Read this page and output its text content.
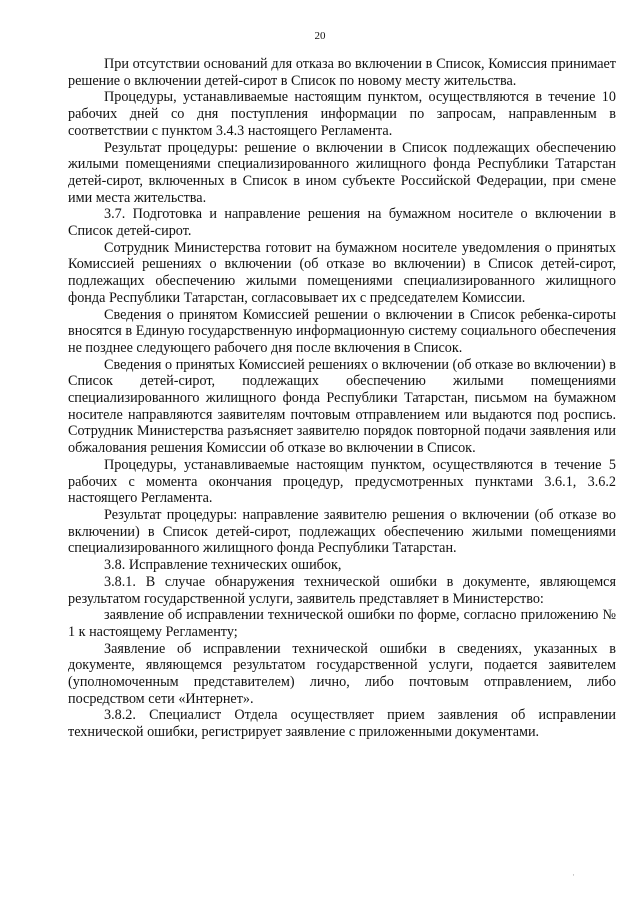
20

При отсутствии оснований для отказа во включении в Список, Комиссия принимает решение о включении детей-сирот в Список по новому месту жительства.

Процедуры, устанавливаемые настоящим пунктом, осуществляются в течение 10 рабочих дней со дня поступления информации по запросам, направленным в соответствии с пунктом 3.4.3 настоящего Регламента.

Результат процедуры: решение о включении в Список подлежащих обеспечению жилыми помещениями специализированного жилищного фонда Республики Татарстан детей-сирот, включенных в Список в ином субъекте Российской Федерации, при смене ими места жительства.

3.7. Подготовка и направление решения на бумажном носителе о включении в Список детей-сирот.

Сотрудник Министерства готовит на бумажном носителе уведомления о принятых Комиссией решениях о включении (об отказе во включении) в Список детей-сирот, подлежащих обеспечению жилыми помещениями специализированного жилищного фонда Республики Татарстан, согласовывает их с председателем Комиссии.

Сведения о принятом Комиссией решении о включении в Список ребенка-сироты вносятся в Единую государственную информационную систему социального обеспечения не позднее следующего рабочего дня после включения в Список.

Сведения о принятых Комиссией решениях о включении (об отказе во включении) в Список детей-сирот, подлежащих обеспечению жилыми помещениями специализированного жилищного фонда Республики Татарстан, письмом на бумажном носителе направляются заявителям почтовым отправлением или выдаются под роспись. Сотрудник Министерства разъясняет заявителю порядок повторной подачи заявления или обжалования решения Комиссии об отказе во включении в Список.

Процедуры, устанавливаемые настоящим пунктом, осуществляются в течение 5 рабочих с момента окончания процедур, предусмотренных пунктами 3.6.1, 3.6.2 настоящего Регламента.

Результат процедуры: направление заявителю решения о включении (об отказе во включении) в Список детей-сирот, подлежащих обеспечению жилыми помещениями специализированного жилищного фонда Республики Татарстан.

3.8. Исправление технических ошибок,

3.8.1. В случае обнаружения технической ошибки в документе, являющемся результатом государственной услуги, заявитель представляет в Министерство:

заявление об исправлении технической ошибки по форме, согласно приложению № 1 к настоящему Регламенту;

Заявление об исправлении технической ошибки в сведениях, указанных в документе, являющемся результатом государственной услуги, подается заявителем (уполномоченным представителем) лично, либо почтовым отправлением, либо посредством сети «Интернет».

3.8.2. Специалист Отдела осуществляет прием заявления об исправлении технической ошибки, регистрирует заявление с приложенными документами.

·
